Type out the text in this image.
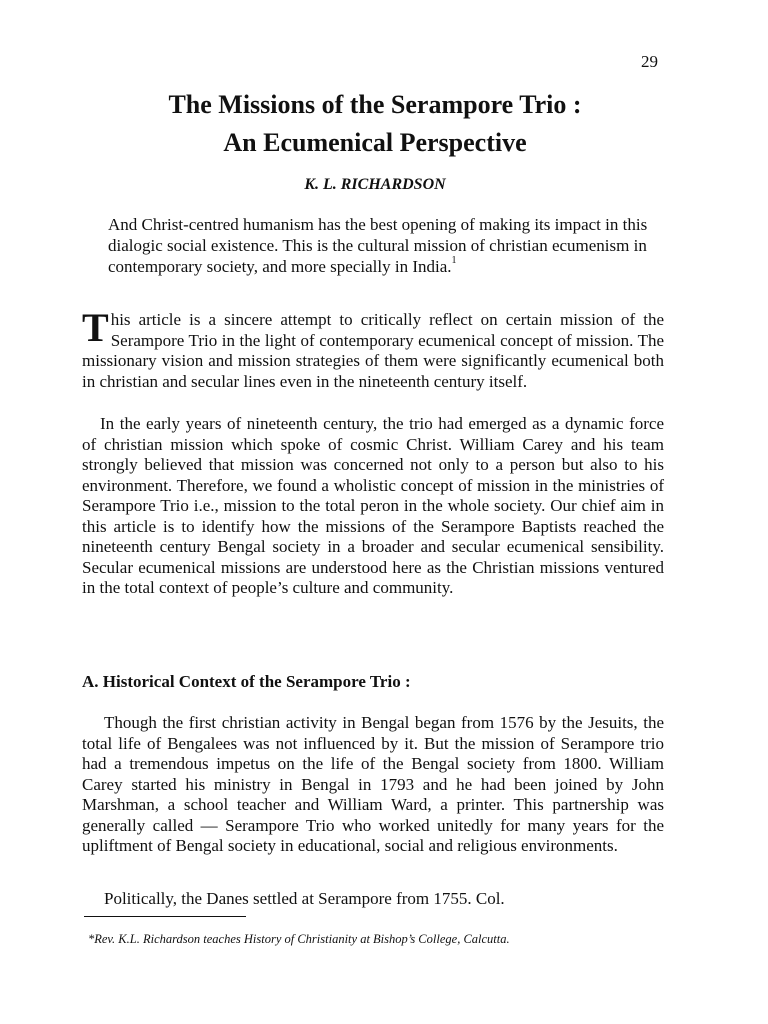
29
The Missions of the Serampore Trio :
An Ecumenical Perspective
K. L. RICHARDSON
And Christ-centred humanism has the best opening of making its impact in this dialogic social existence. This is the cultural mission of christian ecumenism in contemporary society, and more specially in India.$^1$
This article is a sincere attempt to critically reflect on certain mission of the Serampore Trio in the light of contemporary ecumenical concept of mission. The missionary vision and mission strategies of them were significantly ecumenical both in christian and secular lines even in the nineteenth century itself.
In the early years of nineteenth century, the trio had emerged as a dynamic force of christian mission which spoke of cosmic Christ. William Carey and his team strongly believed that mission was concerned not only to a person but also to his environment. Therefore, we found a wholistic concept of mission in the ministries of Serampore Trio i.e., mission to the total peron in the whole society. Our chief aim in this article is to identify how the missions of the Serampore Baptists reached the nineteenth century Bengal society in a broader and secular ecumenical sensibility. Secular ecumenical missions are understood here as the Christian missions ventured in the total context of people’s culture and community.
A. Historical Context of the Serampore Trio :
Though the first christian activity in Bengal began from 1576 by the Jesuits, the total life of Bengalees was not influenced by it. But the mission of Serampore trio had a tremendous impetus on the life of the Bengal society from 1800. William Carey started his ministry in Bengal in 1793 and he had been joined by John Marshman, a school teacher and William Ward, a printer. This partnership was generally called — Serampore Trio who worked unitedly for many years for the upliftment of Bengal society in educational, social and religious environments.
Politically, the Danes settled at Serampore from 1755. Col.
*Rev. K.L. Richardson teaches History of Christianity at Bishop’s College, Calcutta.
